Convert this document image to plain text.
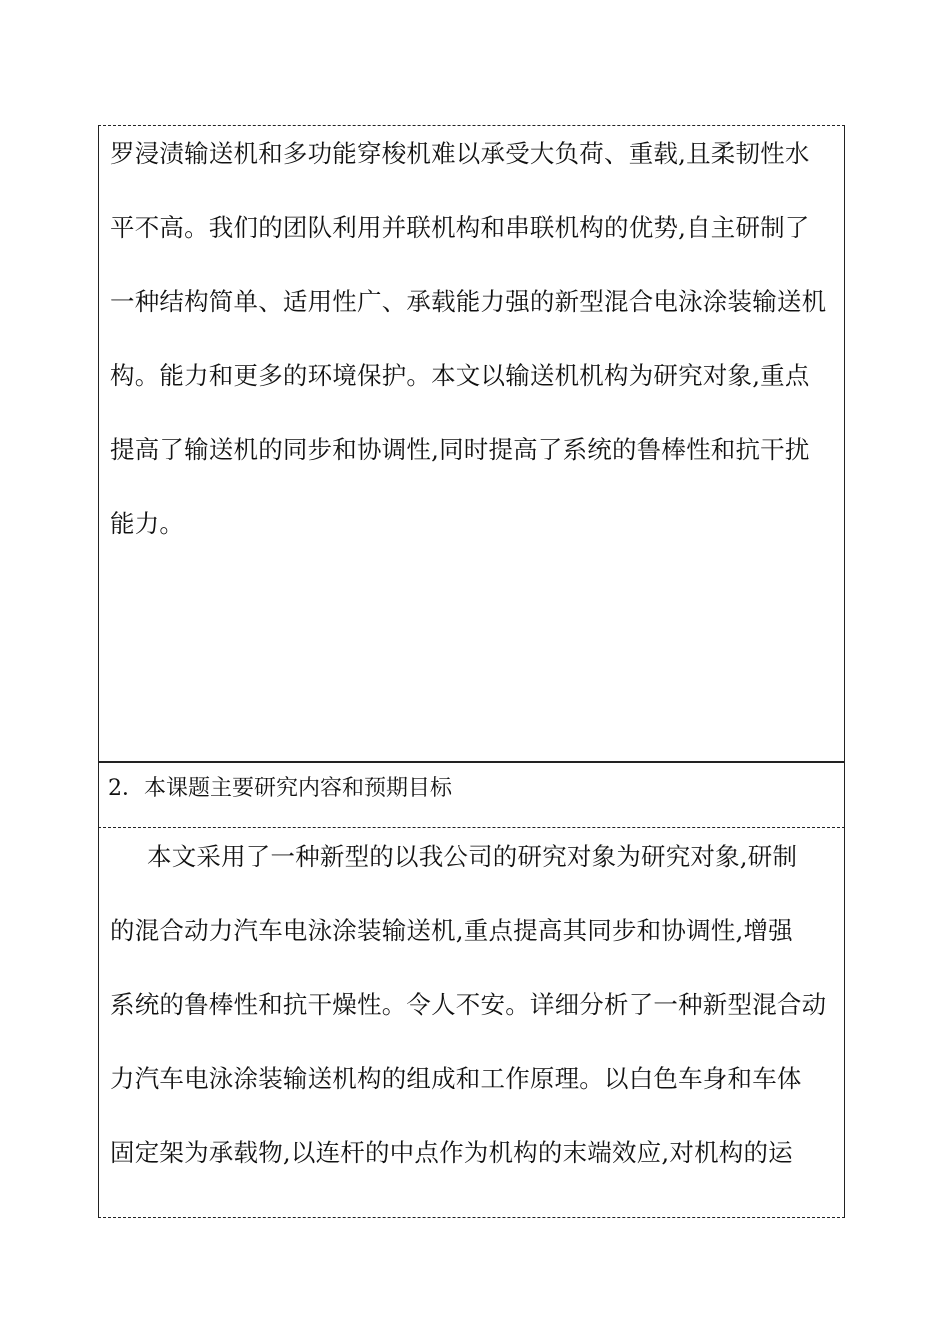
罗浸渍输送机和多功能穿梭机难以承受大负荷、重载,且柔韧性水
平不高。我们的团队利用并联机构和串联机构的优势,自主研制了
一种结构简单、适用性广、承载能力强的新型混合电泳涂装输送机
构。能力和更多的环境保护。本文以输送机机构为研究对象,重点
提高了输送机的同步和协调性,同时提高了系统的鲁棒性和抗干扰
能力。

2．本课题主要研究内容和预期目标

本文采用了一种新型的以我公司的研究对象为研究对象,研制
的混合动力汽车电泳涂装输送机,重点提高其同步和协调性,增强
系统的鲁棒性和抗干燥性。令人不安。详细分析了一种新型混合动
力汽车电泳涂装输送机构的组成和工作原理。以白色车身和车体
固定架为承载物,以连杆的中点作为机构的末端效应,对机构的运
